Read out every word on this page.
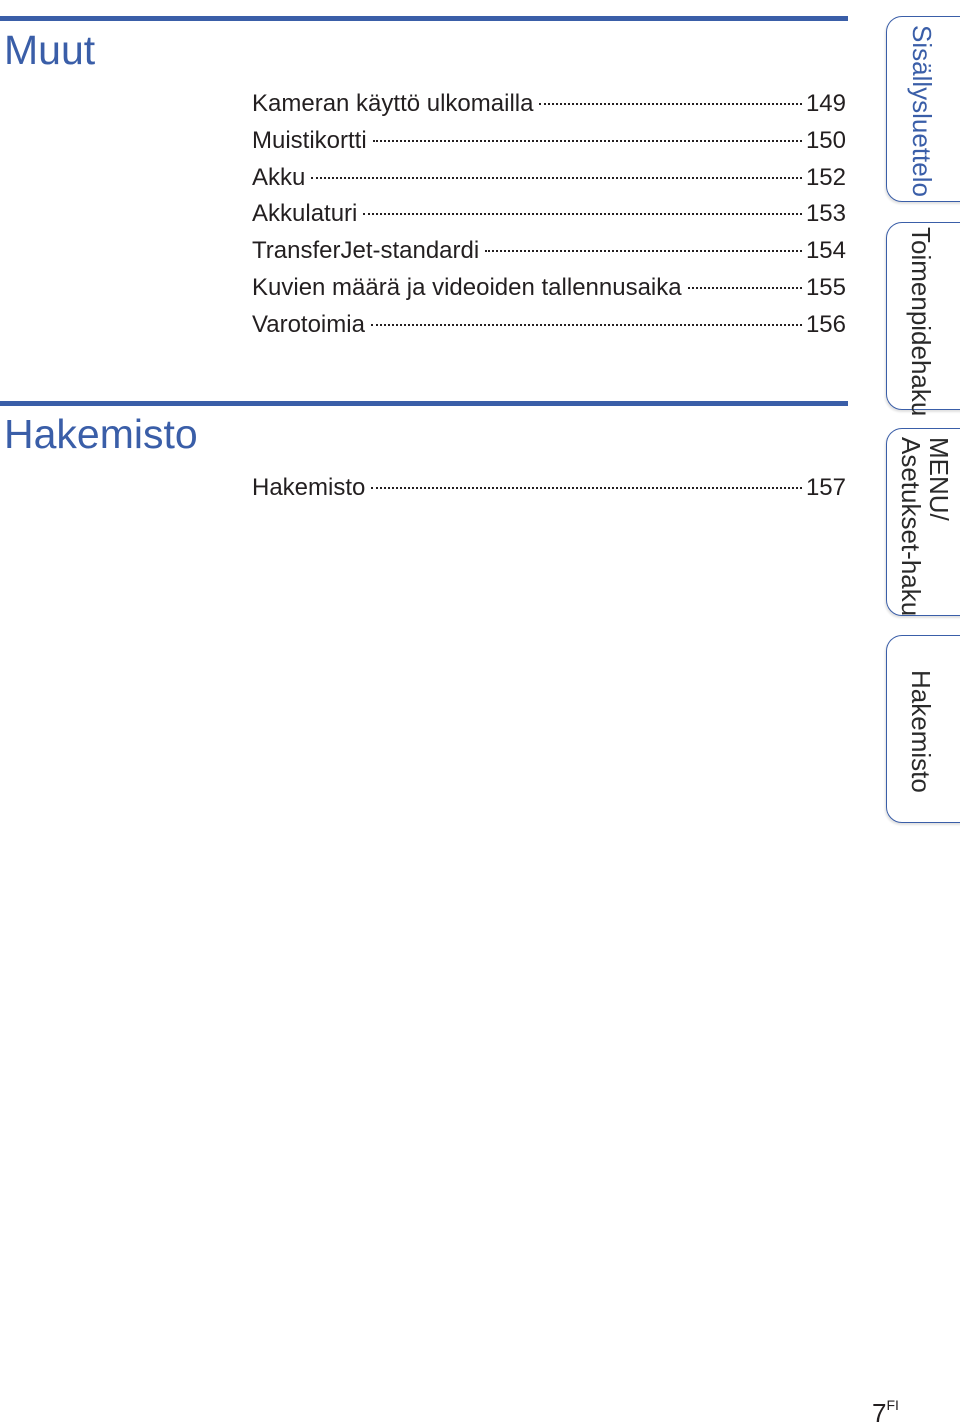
Muut
Kameran käyttö ulkomailla	149
Muistikortti	150
Akku	152
Akkulaturi	153
TransferJet-standardi	154
Kuvien määrä ja videoiden tallennusaika	155
Varotoimia	156
Hakemisto
Hakemisto	157
Sisällysluettelo
Toimenpidehaku
MENU/
Asetukset-haku
Hakemisto
$7^{FI}$
